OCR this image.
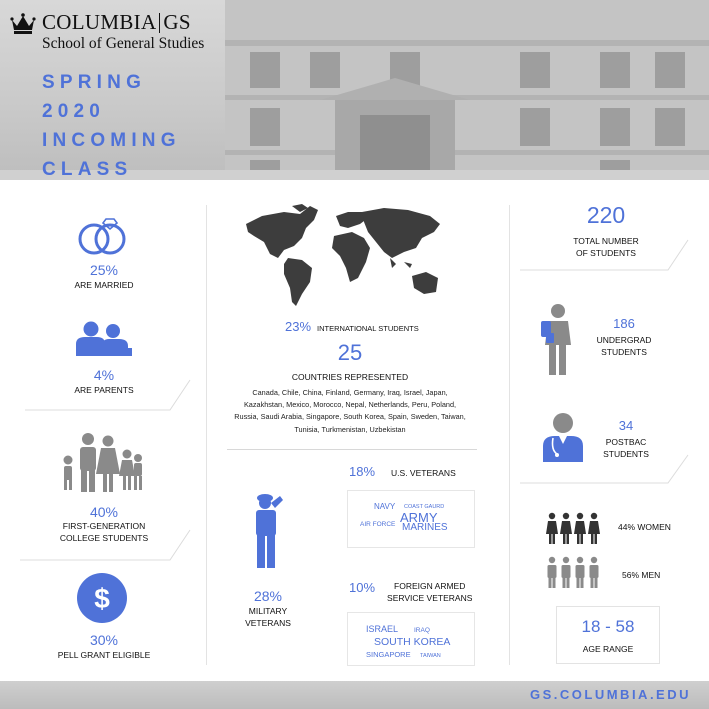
COLUMBIA GS
School of General Studies
SPRING
2020
INCOMING
CLASS
25%
ARE MARRIED
4%
ARE PARENTS
40%
FIRST-GENERATION
COLLEGE STUDENTS
$
30%
PELL GRANT ELIGIBLE
23% INTERNATIONAL STUDENTS
25
COUNTRIES REPRESENTED
Canada, Chile, China, Finland, Germany, Iraq, Israel, Japan,
Kazakhstan, Mexico, Morocco, Nepal, Netherlands, Peru, Poland,
Russia, Saudi Arabia, Singapore, South Korea, Spain, Sweden, Taiwan,
Tunisia, Turkmenistan, Uzbekistan
28%
MILITARY
VETERANS
18% U.S. VETERANS
NAVY COAST GAURD
ARMY
AIR FORCE MARINES
10%	FOREIGN ARMED
SERVICE VETERANS
ISRAEL IRAQ
SOUTH KOREA
SINGAPORE TAIWAN
220
TOTAL NUMBER
OF STUDENTS
186
UNDERGRAD
STUDENTS
34
POSTBAC
STUDENTS
44% WOMEN
56% MEN
18 - 58
AGE RANGE
GS.COLUMBIA.EDU
